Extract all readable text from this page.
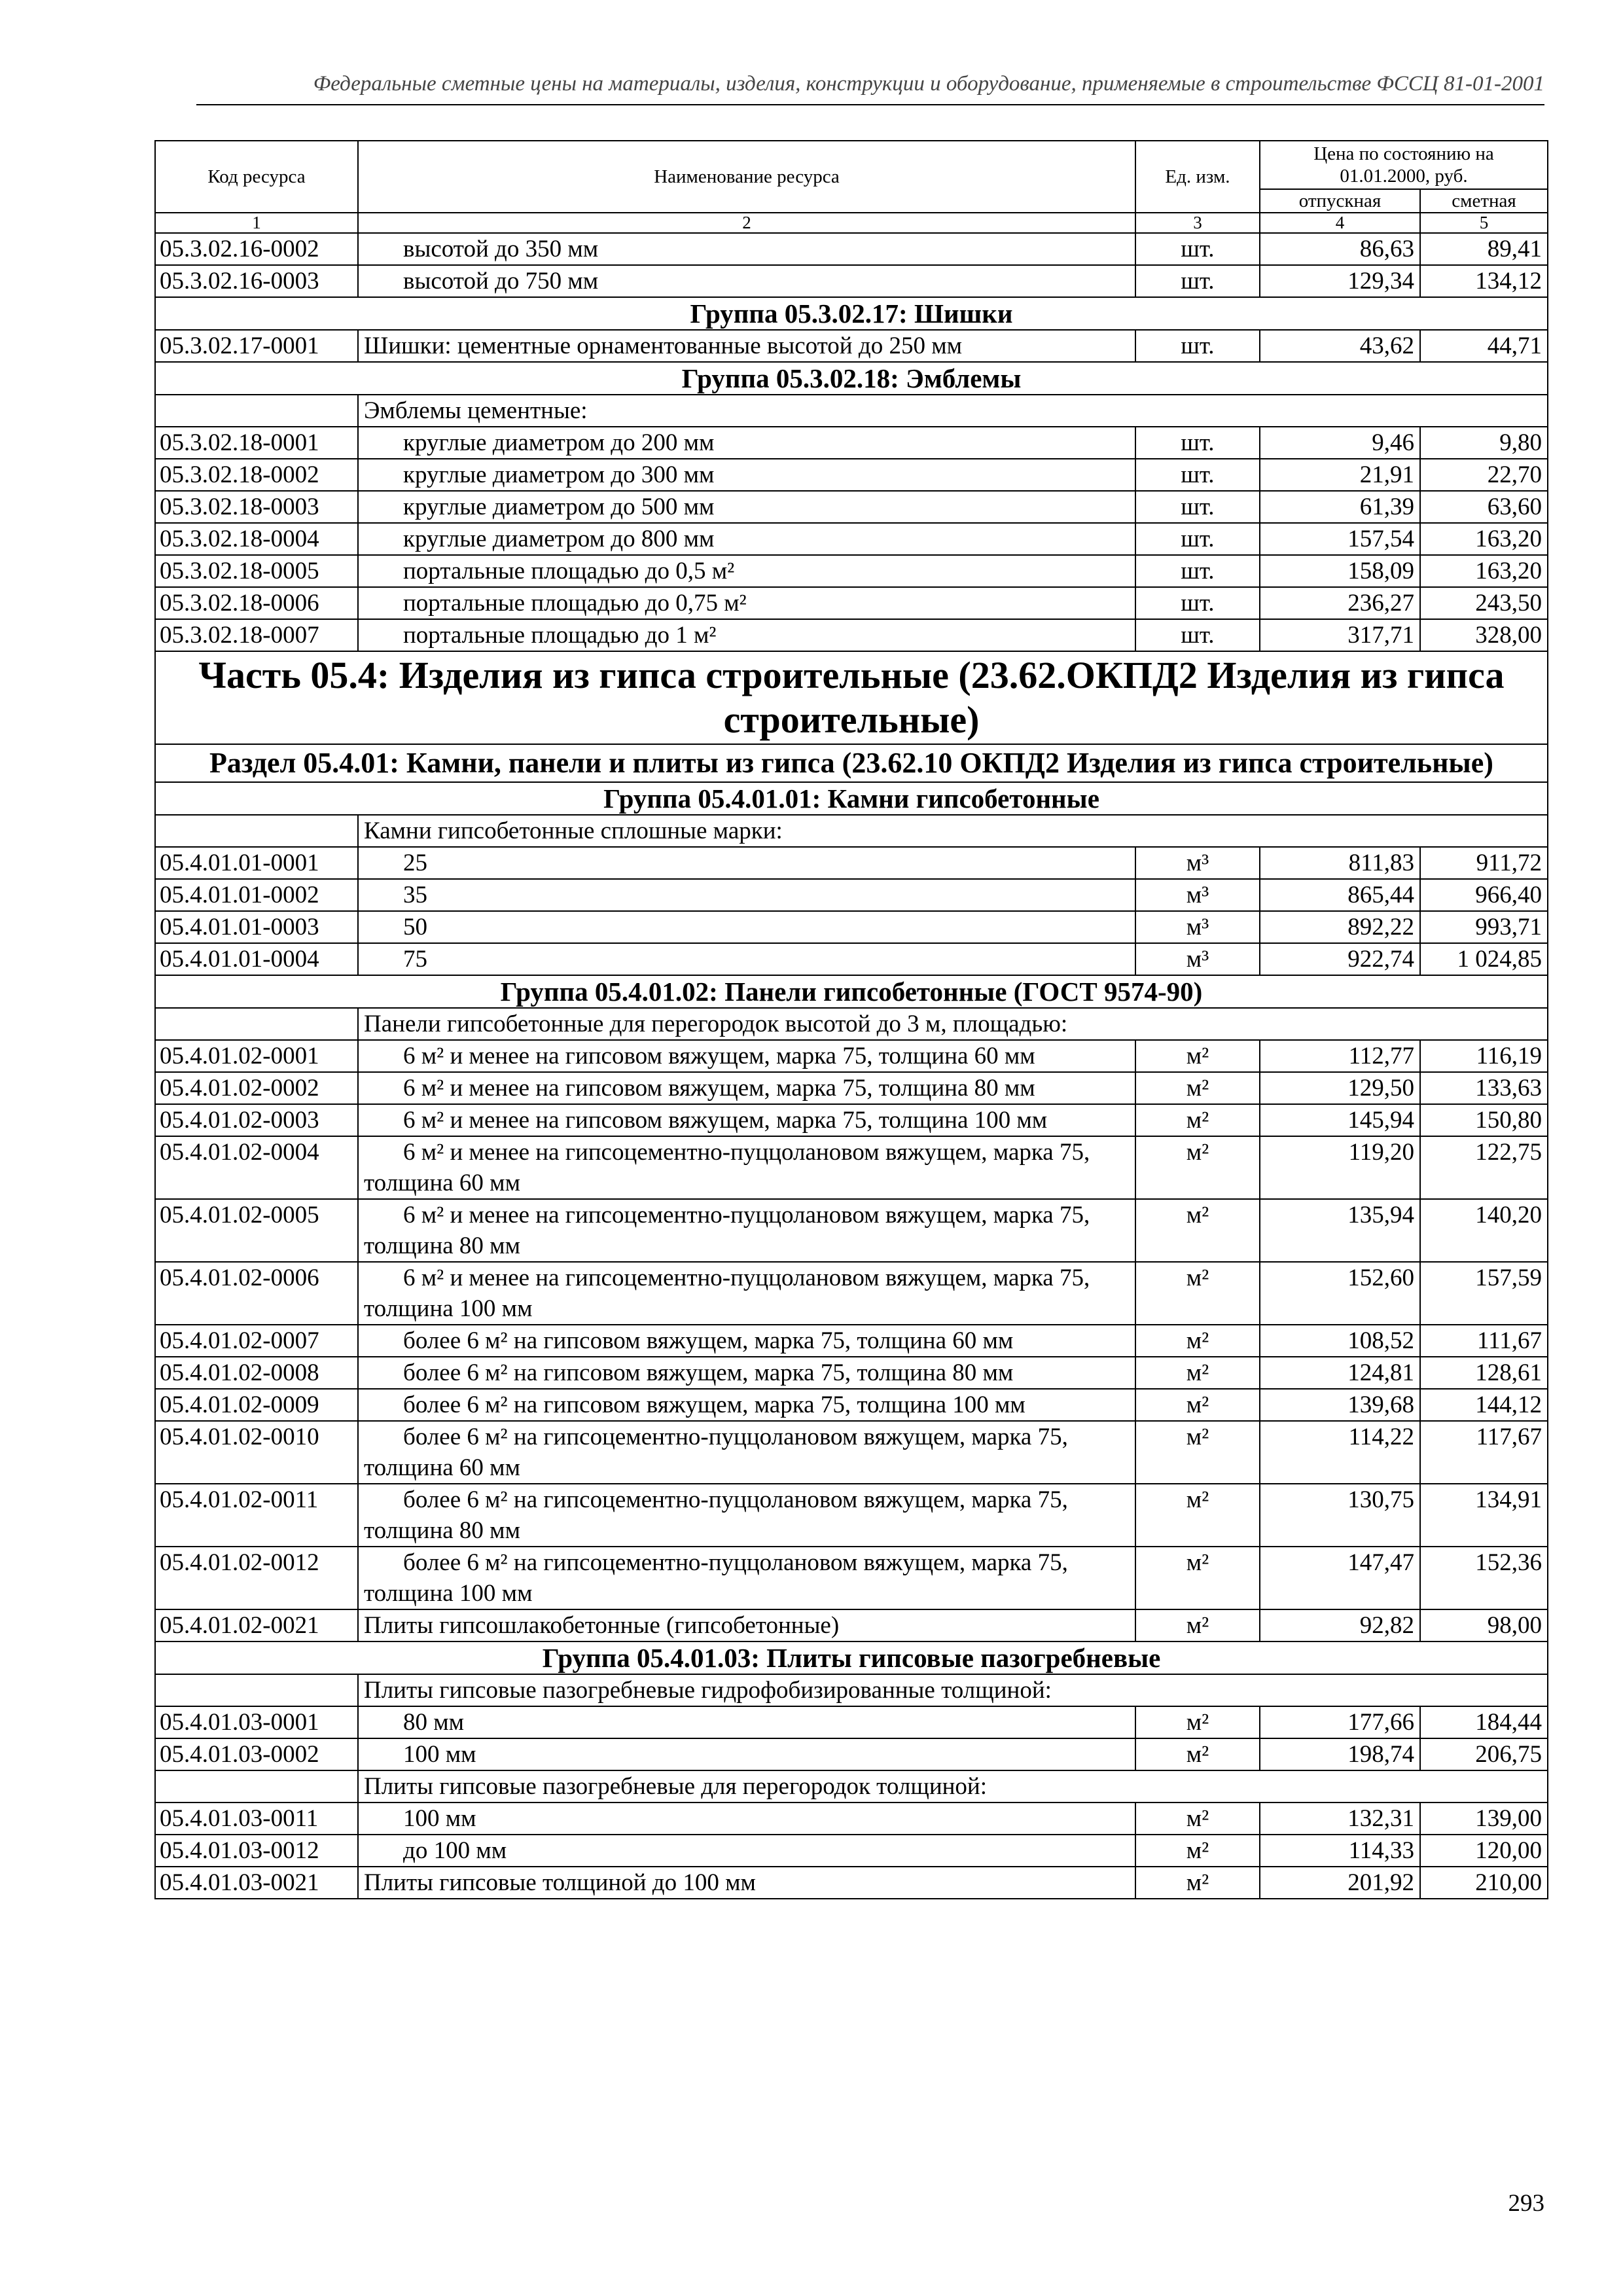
Федеральные сметные цены на материалы, изделия, конструкции и оборудование, применяемые в строительстве ФССЦ 81-01-2001
Код ресурса	Наименование ресурса	Ед. изм.	Цена по состоянию на 01.01.2000, руб.	
			отпускная	сметная
1	2	3	4	5
05.3.02.16-0002	высотой до 350 мм	шт.	86,63	89,41
05.3.02.16-0003	высотой до 750 мм	шт.	129,34	134,12
Группа 05.3.02.17: Шишки				
05.3.02.17-0001	Шишки: цементные орнаментованные высотой до 250 мм	шт.	43,62	44,71
Группа 05.3.02.18: Эмблемы				
	Эмблемы цементные:			
05.3.02.18-0001	круглые диаметром до 200 мм	шт.	9,46	9,80
05.3.02.18-0002	круглые диаметром до 300 мм	шт.	21,91	22,70
05.3.02.18-0003	круглые диаметром до 500 мм	шт.	61,39	63,60
05.3.02.18-0004	круглые диаметром до 800 мм	шт.	157,54	163,20
05.3.02.18-0005	портальные площадью до 0,5 м²	шт.	158,09	163,20
05.3.02.18-0006	портальные площадью до 0,75 м²	шт.	236,27	243,50
05.3.02.18-0007	портальные площадью до 1 м²	шт.	317,71	328,00
Часть 05.4: Изделия из гипса строительные (23.62.ОКПД2 Изделия из гипса строительные)				
Раздел 05.4.01: Камни, панели и плиты из гипса (23.62.10 ОКПД2 Изделия из гипса строительные)				
Группа 05.4.01.01: Камни гипсобетонные				
	Камни гипсобетонные сплошные марки:			
05.4.01.01-0001	25	м³	811,83	911,72
05.4.01.01-0002	35	м³	865,44	966,40
05.4.01.01-0003	50	м³	892,22	993,71
05.4.01.01-0004	75	м³	922,74	1 024,85
Группа 05.4.01.02: Панели гипсобетонные (ГОСТ 9574-90)				
	Панели гипсобетонные для перегородок высотой до 3 м, площадью:			
05.4.01.02-0001	6 м² и менее на гипсовом вяжущем, марка 75, толщина 60 мм	м²	112,77	116,19
05.4.01.02-0002	6 м² и менее на гипсовом вяжущем, марка 75, толщина 80 мм	м²	129,50	133,63
05.4.01.02-0003	6 м² и менее на гипсовом вяжущем, марка 75, толщина 100 мм	м²	145,94	150,80
05.4.01.02-0004	6 м² и менее на гипсоцементно-пуццолановом вяжущем, марка 75, толщина 60 мм	м²	119,20	122,75
05.4.01.02-0005	6 м² и менее на гипсоцементно-пуццолановом вяжущем, марка 75, толщина 80 мм	м²	135,94	140,20
05.4.01.02-0006	6 м² и менее на гипсоцементно-пуццолановом вяжущем, марка 75, толщина 100 мм	м²	152,60	157,59
05.4.01.02-0007	более 6 м² на гипсовом вяжущем, марка 75, толщина 60 мм	м²	108,52	111,67
05.4.01.02-0008	более 6 м² на гипсовом вяжущем, марка 75, толщина 80 мм	м²	124,81	128,61
05.4.01.02-0009	более 6 м² на гипсовом вяжущем, марка 75, толщина 100 мм	м²	139,68	144,12
05.4.01.02-0010	более 6 м² на гипсоцементно-пуццолановом вяжущем, марка 75, толщина 60 мм	м²	114,22	117,67
05.4.01.02-0011	более 6 м² на гипсоцементно-пуццолановом вяжущем, марка 75, толщина 80 мм	м²	130,75	134,91
05.4.01.02-0012	более 6 м² на гипсоцементно-пуццолановом вяжущем, марка 75, толщина 100 мм	м²	147,47	152,36
05.4.01.02-0021	Плиты гипсошлакобетонные (гипсобетонные)	м²	92,82	98,00
Группа 05.4.01.03: Плиты гипсовые пазогребневые				
	Плиты гипсовые пазогребневые гидрофобизированные толщиной:			
05.4.01.03-0001	80 мм	м²	177,66	184,44
05.4.01.03-0002	100 мм	м²	198,74	206,75
	Плиты гипсовые пазогребневые для перегородок толщиной:			
05.4.01.03-0011	100 мм	м²	132,31	139,00
05.4.01.03-0012	до 100 мм	м²	114,33	120,00
05.4.01.03-0021	Плиты гипсовые толщиной до 100 мм	м²	201,92	210,00
293
